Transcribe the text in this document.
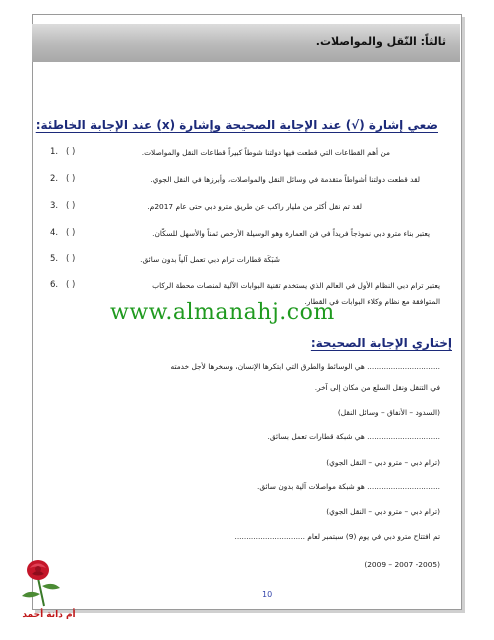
ثالثاً: النّقل والمواصلات.
ضعي إشارة (√) عند الإجابة الصحيحة وإشارة (x) عند الإجابة الخاطئة:
1. ( )	من أهم القطاعات التي قطعت فيها دولتنا شوطاً كبيراً قطاعات النقل والمواصلات.
2. ( )	لقد قطعت دولتنا أشواطاً متقدمة في وسائل النقل والمواصلات، وأبرزها في النقل الجوي.
3. ( )	لقد تم نقل أكثر من مليار راكب عن طريق مترو دبي حتى عام 2017م.
4. ( )	يعتبر بناء مترو دبي نموذجاً فريداً في فن العمارة وهو الوسيلة الأرخص ثمناً والأسهل للسكّان.
5. ( )	شَبَكَة قطارات ترام دبي تعمل آلياً بدون سائق.
6. ( )	يعتبر ترام دبي النظام الأول في العالم الذي يستخدم تقنية البوابات الآلية لمنصات محطة الركاب
المتوافقة مع نظام وكلاء البوابات في القطار.
www.almanahj.com
إختاري الإجابة الصحيحة:
............................... هي الوسائط والطرق التي ابتكرها الإنسان، وسخرها لأجل خدمته
في التنقل ونقل السلع من مكان إلى آخر.
(السدود – الأنفاق – وسائل النقل)
............................... هي شبكة قطارات تعمل بسائق.
(ترام دبي – مترو دبي – النقل الجوي)
............................... هو شبكة مواصلات آلية بدون سائق.
(ترام دبي – مترو دبي – النقل الجوي)
تم افتتاح مترو دبي في يوم (9) سبتمبر لعام ..............................
(2005- 2007 – 2009)
10
أم دانة أحمد
